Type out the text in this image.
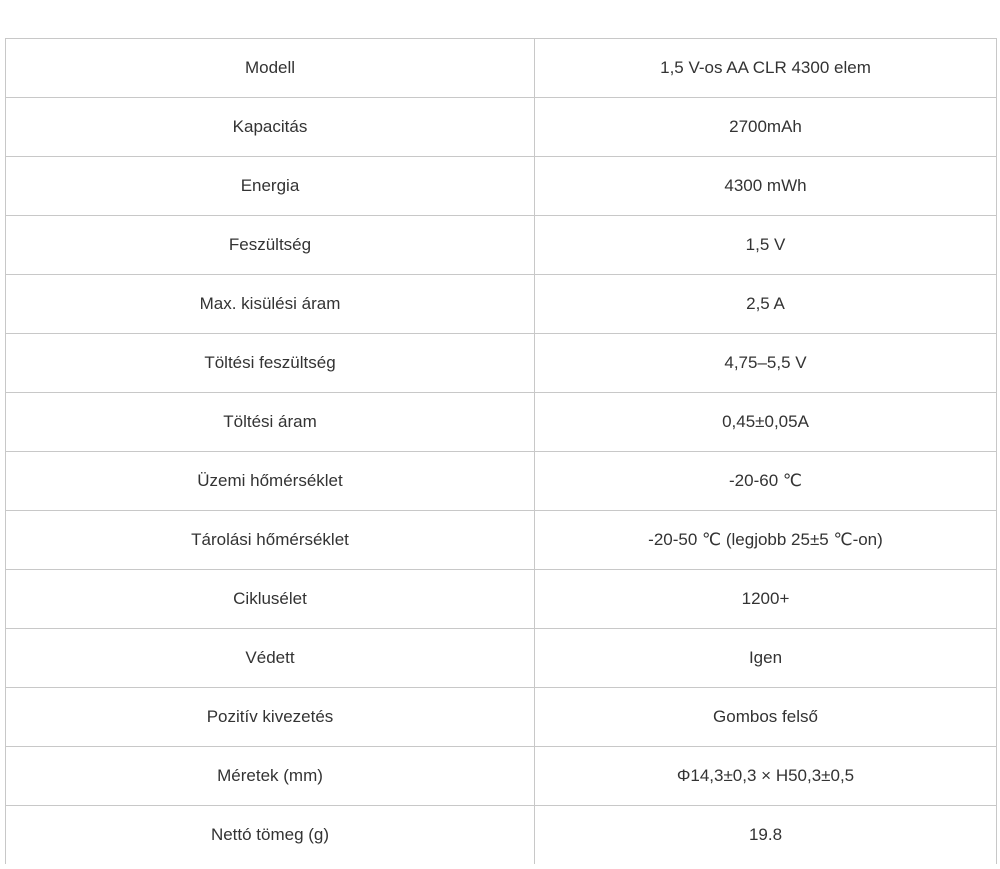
Modell	1,5 V-os AA CLR 4300 elem
Kapacitás	2700mAh
Energia	4300 mWh
Feszültség	1,5 V
Max. kisülési áram	2,5 A
Töltési feszültség	4,75–5,5 V
Töltési áram	0,45±0,05A
Üzemi hőmérséklet	-20-60 ℃
Tárolási hőmérséklet	-20-50 ℃ (legjobb 25±5 ℃-on)
Ciklusélet	1200+
Védett	Igen
Pozitív kivezetés	Gombos felső
Méretek (mm)	Φ14,3±0,3 × H50,3±0,5
Nettó tömeg (g)	19.8
